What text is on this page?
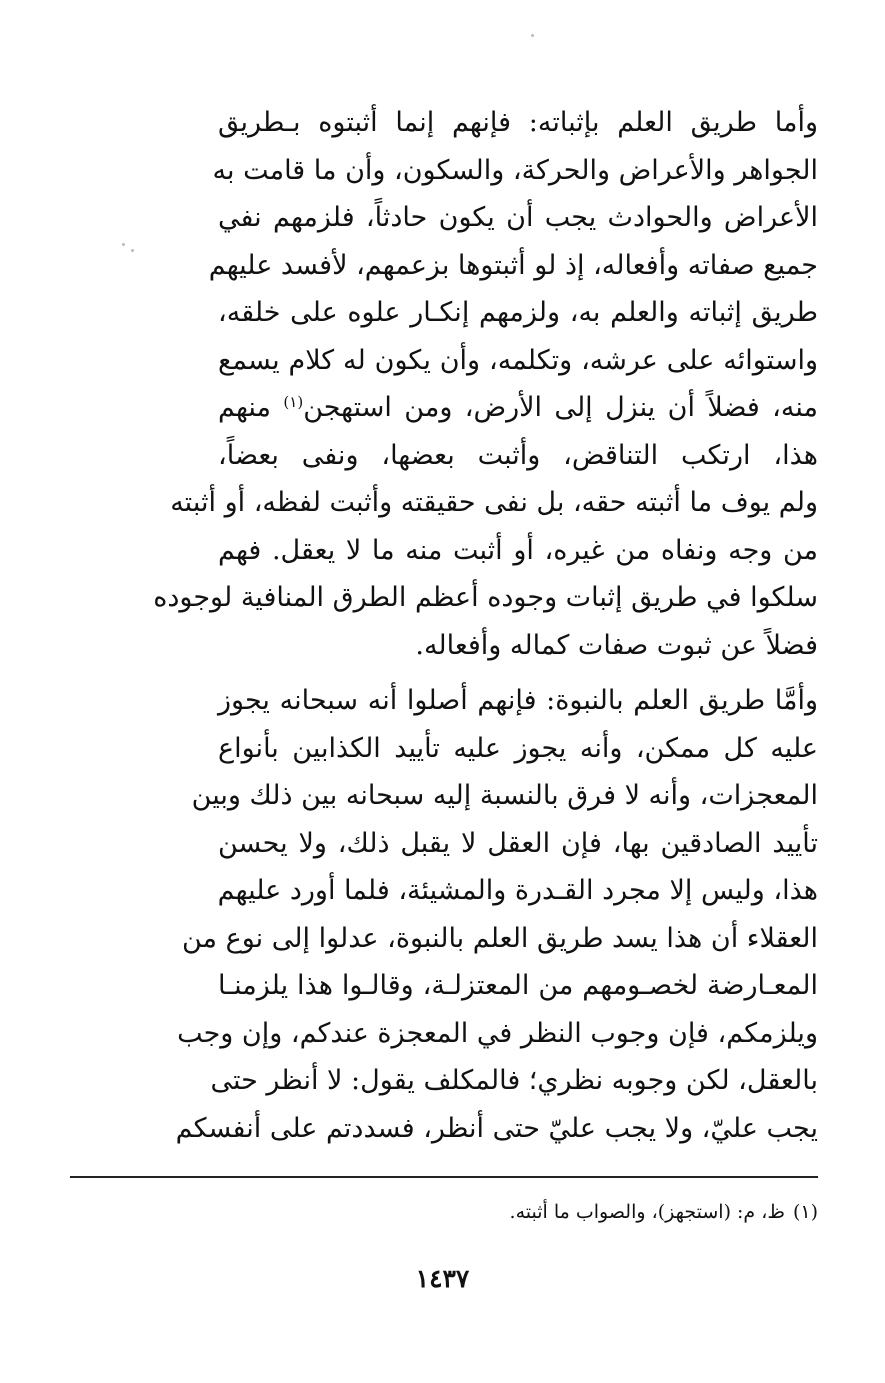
وأما طريق العلم بإثباته: فإنهم إنما أثبتوه بـطريق
الجواهر والأعراض والحركة، والسكون، وأن ما قامت به
الأعراض والحوادث يجب أن يكون حادثاً، فلزمهم نفي
جميع صفاته وأفعاله، إذ لو أثبتوها بزعمهم، لأفسد عليهم
طريق إثباته والعلم به، ولزمهم إنكـار علوه على خلقه،
واستوائه على عرشه، وتكلمه، وأن يكون له كلام يسمع
منه، فضلاً أن ينزل إلى الأرض، ومن استهجن$^{(١)}$ منهم
هذا، ارتكب التناقض، وأثبت بعضها، ونفى بعضاً،
ولم يوف ما أثبته حقه، بل نفى حقيقته وأثبت لفظه، أو أثبته
من وجه ونفاه من غيره، أو أثبت منه ما لا يعقل. فهم
سلكوا في طريق إثبات وجوده أعظم الطرق المنافية لوجوده
فضلاً عن ثبوت صفات كماله وأفعاله.
وأمَّا طريق العلم بالنبوة: فإنهم أصلوا أنه سبحانه يجوز
عليه كل ممكن، وأنه يجوز عليه تأييد الكذابين بأنواع
المعجزات، وأنه لا فرق بالنسبة إليه سبحانه بين ذلك وبين
تأييد الصادقين بها، فإن العقل لا يقبل ذلك، ولا يحسن
هذا، وليس إلا مجرد القـدرة والمشيئة، فلما أورد عليهم
العقلاء أن هذا يسد طريق العلم بالنبوة، عدلوا إلى نوع من
المعـارضة لخصـومهم من المعتزلـة، وقالـوا هذا يلزمنـا
ويلزمكم، فإن وجوب النظر في المعجزة عندكم، وإن وجب
بالعقل، لكن وجوبه نظري؛ فالمكلف يقول: لا أنظر حتى
يجب عليّ، ولا يجب عليّ حتى أنظر، فسددتم على أنفسكم
(١)ظ، م: (استجهز)، والصواب ما أثبته.
١٤٣٧
